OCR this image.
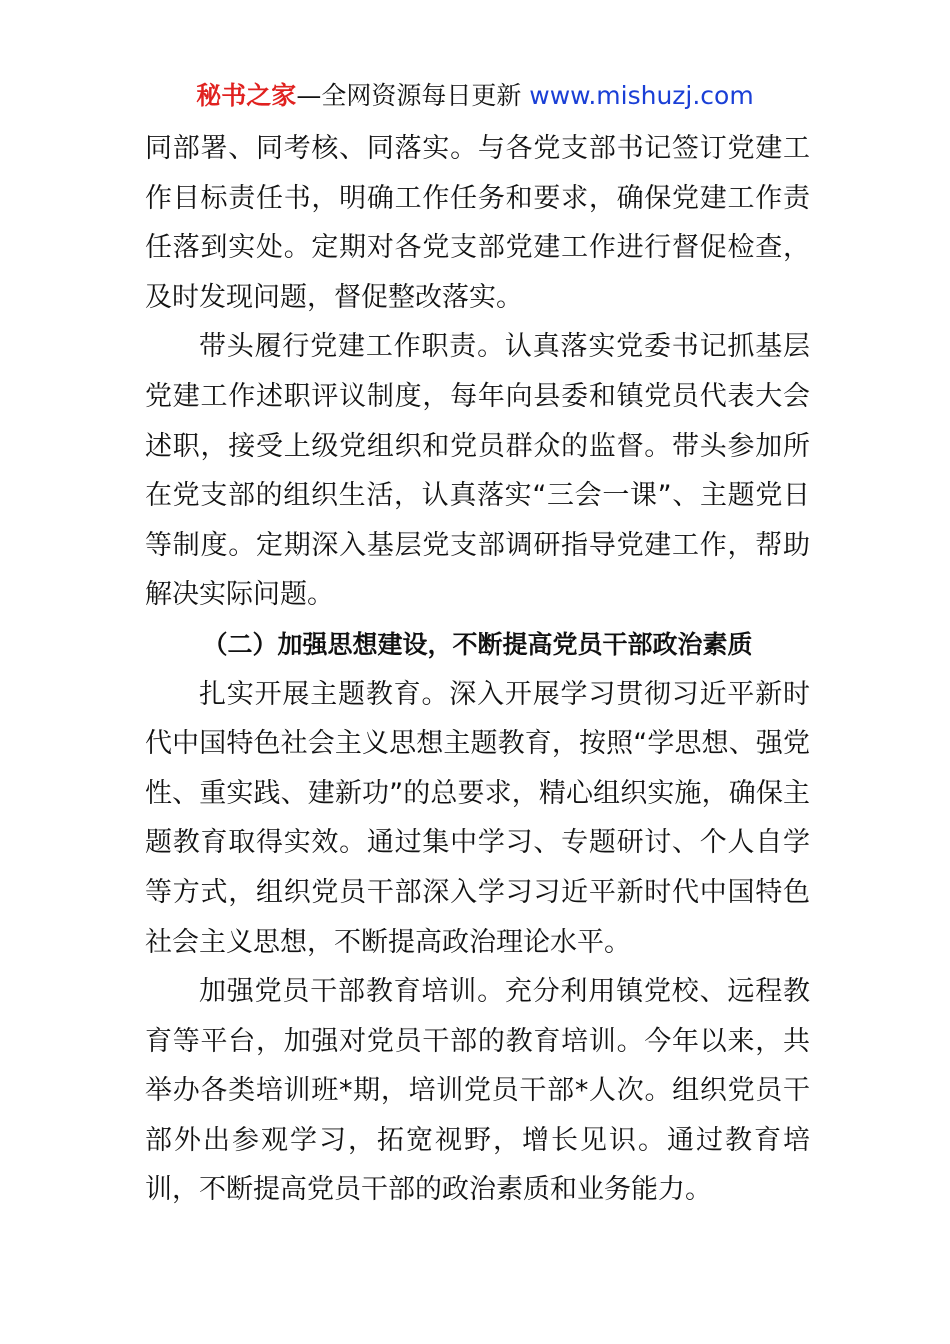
秘书之家—全网资源每日更新 www.mishuzj.com

同部署、同考核、同落实。与各党支部书记签订党建工作目标责任书，明确工作任务和要求，确保党建工作责任落到实处。定期对各党支部党建工作进行督促检查，及时发现问题，督促整改落实。

带头履行党建工作职责。认真落实党委书记抓基层党建工作述职评议制度，每年向县委和镇党员代表大会述职，接受上级党组织和党员群众的监督。带头参加所在党支部的组织生活，认真落实“三会一课”、主题党日等制度。定期深入基层党支部调研指导党建工作，帮助解决实际问题。

（二）加强思想建设，不断提高党员干部政治素质

扎实开展主题教育。深入开展学习贯彻习近平新时代中国特色社会主义思想主题教育，按照“学思想、强党性、重实践、建新功”的总要求，精心组织实施，确保主题教育取得实效。通过集中学习、专题研讨、个人自学等方式，组织党员干部深入学习习近平新时代中国特色社会主义思想，不断提高政治理论水平。

加强党员干部教育培训。充分利用镇党校、远程教育等平台，加强对党员干部的教育培训。今年以来，共举办各类培训班*期，培训党员干部*人次。组织党员干部外出参观学习，拓宽视野，增长见识。通过教育培训，不断提高党员干部的政治素质和业务能力。
